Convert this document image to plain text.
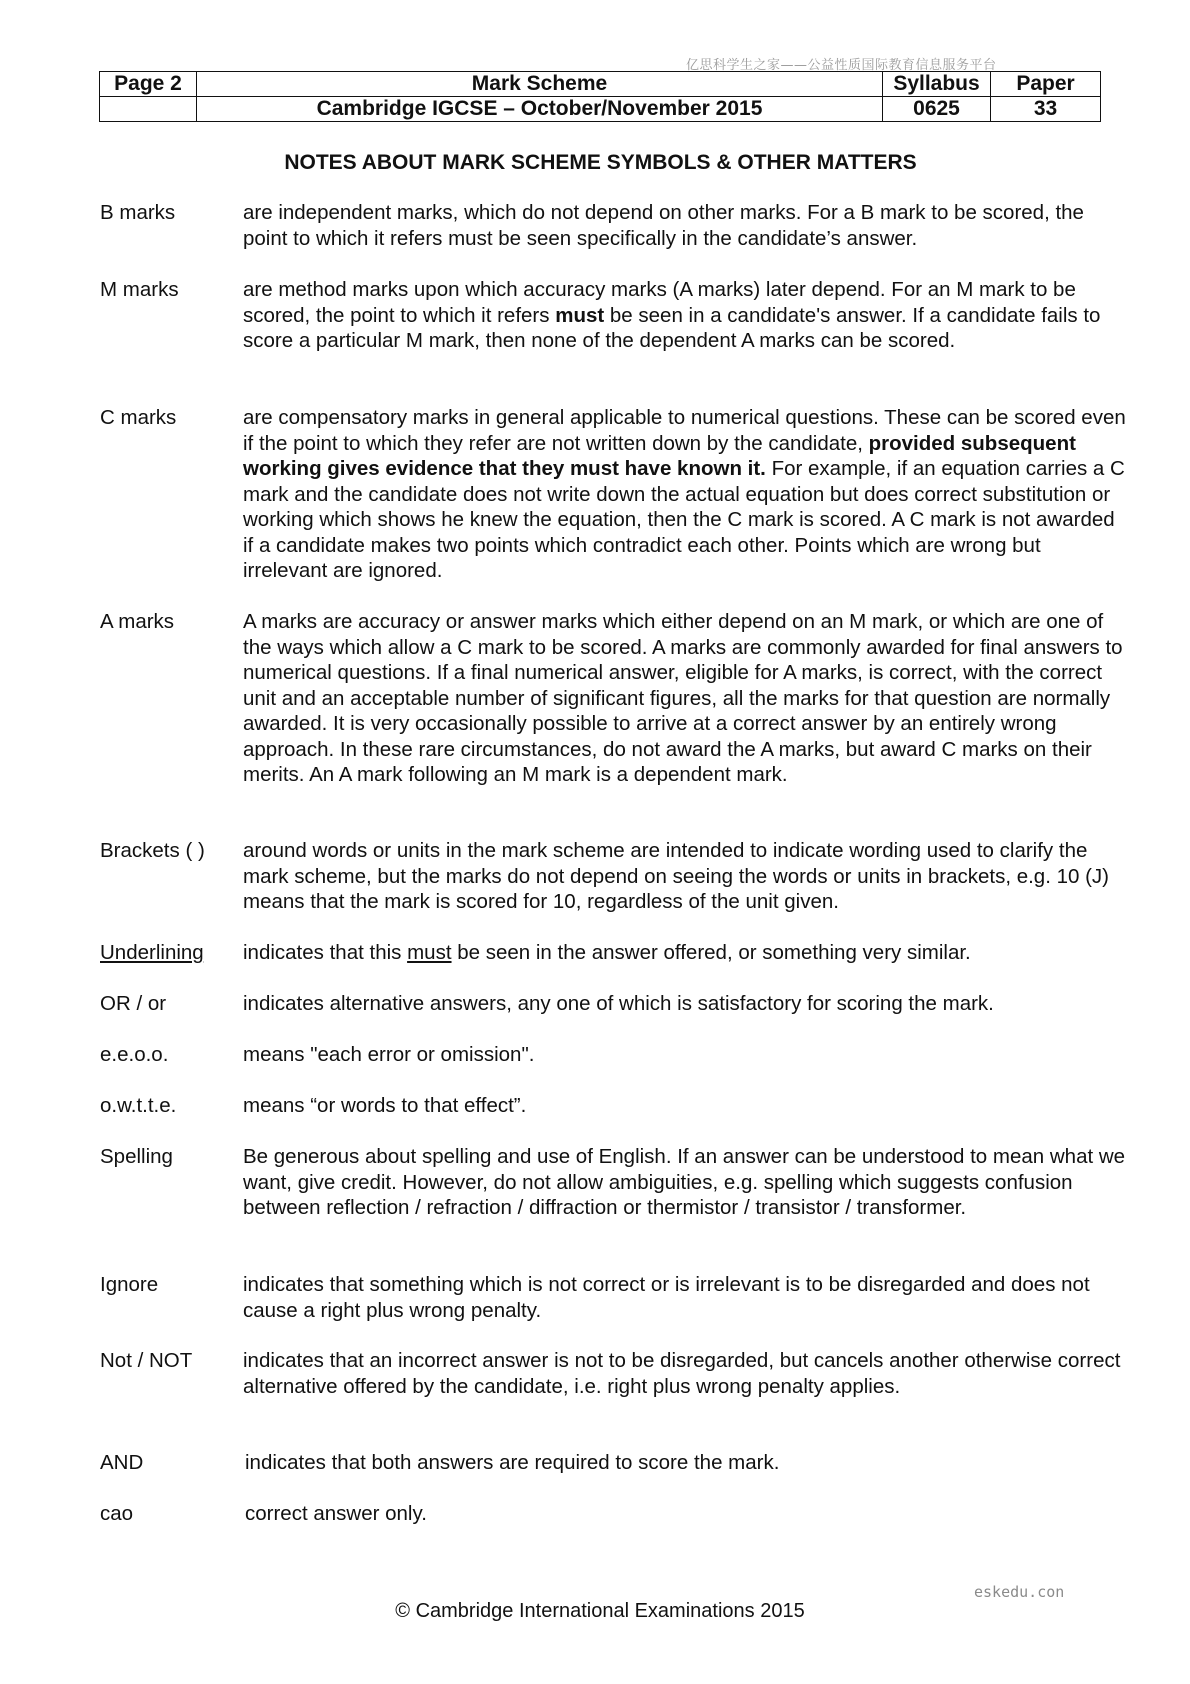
亿思科学生之家——公益性质国际教育信息服务平台
Page 2	Mark Scheme	Syllabus	Paper
	Cambridge IGCSE – October/November 2015	0625	33
NOTES ABOUT MARK SCHEME SYMBOLS & OTHER MATTERS
B marks	are independent marks, which do not depend on other marks. For a B mark to be scored, the point to which it refers must be seen specifically in the candidate’s answer.
M marks	are method marks upon which accuracy marks (A marks) later depend. For an M mark to be scored, the point to which it refers must be seen in a candidate's answer. If a candidate fails to score a particular M mark, then none of the dependent A marks can be scored.
C marks	are compensatory marks in general applicable to numerical questions. These can be scored even if the point to which they refer are not written down by the candidate, provided subsequent working gives evidence that they must have known it. For example, if an equation carries a C mark and the candidate does not write down the actual equation but does correct substitution or working which shows he knew the equation, then the C mark is scored. A C mark is not awarded if a candidate makes two points which contradict each other. Points which are wrong but irrelevant are ignored.
A marks	A marks are accuracy or answer marks which either depend on an M mark, or which are one of the ways which allow a C mark to be scored. A marks are commonly awarded for final answers to numerical questions. If a final numerical answer, eligible for A marks, is correct, with the correct unit and an acceptable number of significant figures, all the marks for that question are normally awarded. It is very occasionally possible to arrive at a correct answer by an entirely wrong approach. In these rare circumstances, do not award the A marks, but award C marks on their merits. An A mark following an M mark is a dependent mark.
Brackets ( )	around words or units in the mark scheme are intended to indicate wording used to clarify the mark scheme, but the marks do not depend on seeing the words or units in brackets, e.g. 10 (J) means that the mark is scored for 10, regardless of the unit given.
Underlining	indicates that this must be seen in the answer offered, or something very similar.
OR / or	indicates alternative answers, any one of which is satisfactory for scoring the mark.
e.e.o.o.	means "each error or omission".
o.w.t.t.e.	means “or words to that effect”.
Spelling	Be generous about spelling and use of English. If an answer can be understood to mean what we want, give credit. However, do not allow ambiguities, e.g. spelling which suggests confusion between reflection / refraction / diffraction or thermistor / transistor / transformer.
Ignore	indicates that something which is not correct or is irrelevant is to be disregarded and does not cause a right plus wrong penalty.
Not / NOT	indicates that an incorrect answer is not to be disregarded, but cancels another otherwise correct alternative offered by the candidate, i.e. right plus wrong penalty applies.
AND	indicates that both answers are required to score the mark.
cao	correct answer only.
eskedu.con
© Cambridge International Examinations 2015
